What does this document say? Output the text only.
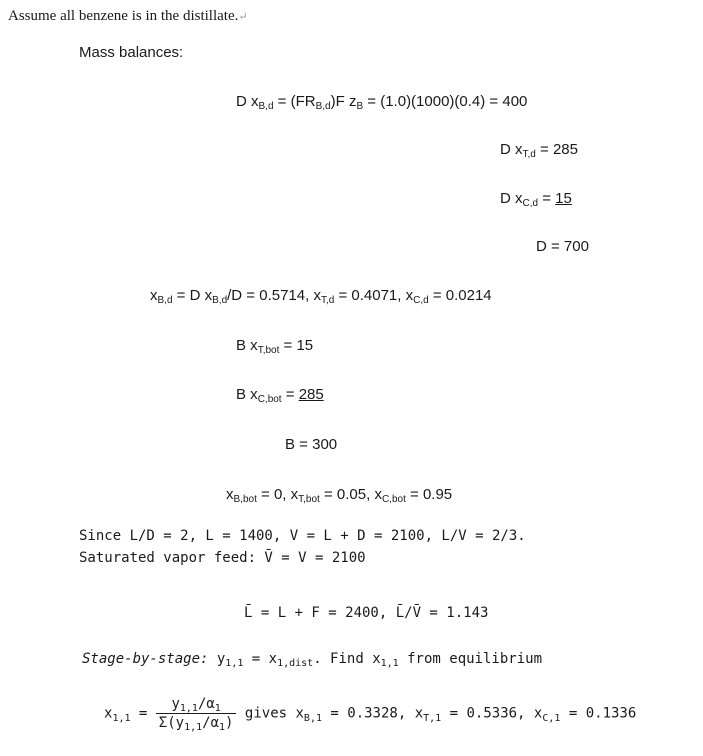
Assume all benzene is in the distillate.↵
Mass balances:
D $x_{B,d} = (FR_{B,d})F$ $z_B = (1.0)(1000)(0.4) = 400$
D $x_{T,d} = 285$
D $x_{C,d} = 15$
D = 700
$x_{B,d} = D$ $x_{B,d}/D = 0.5714$, $x_{T,d} = 0.4071$, $x_{C,d} = 0.0214$
B $x_{T,bot} = 15$
B $x_{C,bot} = 285$
B = 300
$x_{B,bot} = 0$, $x_{T,bot} = 0.05$, $x_{C,bot} = 0.95$
Since L/D = 2, L = 1400, V = L + D = 2100, L/V = 2/3.
Saturated vapor feed: V̄ = V = 2100
L̄ = L + F = 2400, L̄/V̄ = 1.143
Stage-by-stage: $y_{1,1} = x_{1,dist}$. Find $x_{1,1}$ from equilibrium
$x_{1,1} = \frac{y_{1,1}/\alpha_1}{\Sigma(y_{1,1}/\alpha_1)}$ gives $x_{B,1} = 0.3328$, $x_{T,1} = 0.5336$, $x_{C,1} = 0.1336$
